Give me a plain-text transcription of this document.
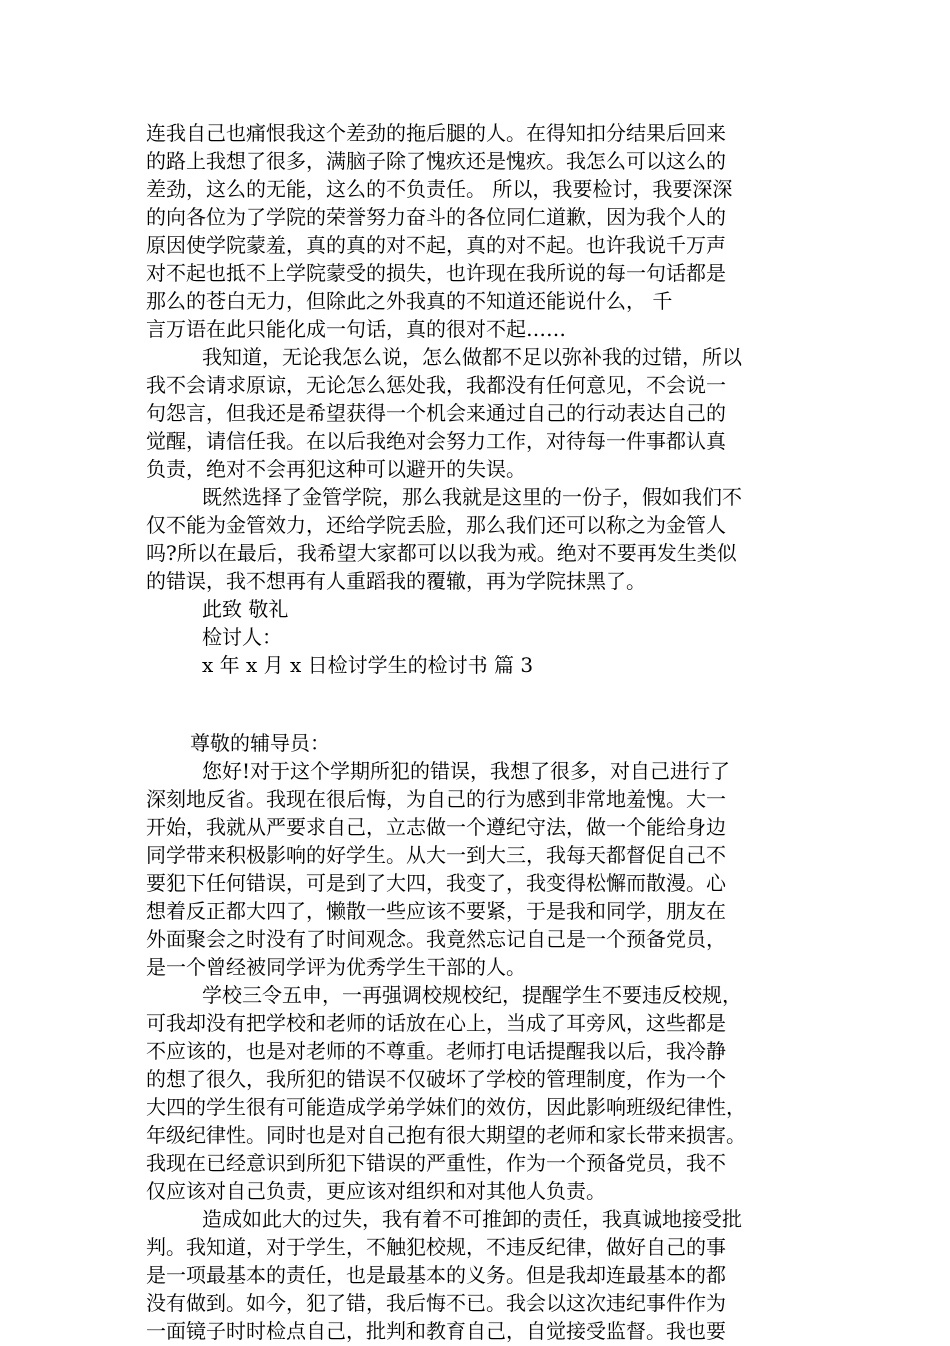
连我自己也痛恨我这个差劲的拖后腿的人。在得知扣分结果后回来
的路上我想了很多，满脑子除了愧疚还是愧疚。我怎么可以这么的
差劲，这么的无能，这么的不负责任。 所以，我要检讨，我要深深
的向各位为了学院的荣誉努力奋斗的各位同仁道歉，因为我个人的
原因使学院蒙羞，真的真的对不起，真的对不起。也许我说千万声
对不起也抵不上学院蒙受的损失，也许现在我所说的每一句话都是
那么的苍白无力，但除此之外我真的不知道还能说什么， 千
言万语在此只能化成一句话，真的很对不起……
我知道，无论我怎么说，怎么做都不足以弥补我的过错，所以
我不会请求原谅，无论怎么惩处我，我都没有任何意见，不会说一
句怨言，但我还是希望获得一个机会来通过自己的行动表达自己的
觉醒，请信任我。在以后我绝对会努力工作，对待每一件事都认真
负责，绝对不会再犯这种可以避开的失误。
既然选择了金管学院，那么我就是这里的一份子，假如我们不
仅不能为金管效力，还给学院丢脸，那么我们还可以称之为金管人
吗?所以在最后，我希望大家都可以以我为戒。绝对不要再发生类似
的错误，我不想再有人重蹈我的覆辙，再为学院抹黑了。
此致 敬礼
检讨人：
x 年 x 月 x 日检讨学生的检讨书 篇 3
尊敬的辅导员：
您好!对于这个学期所犯的错误，我想了很多，对自己进行了
深刻地反省。我现在很后悔，为自己的行为感到非常地羞愧。大一
开始，我就从严要求自己，立志做一个遵纪守法，做一个能给身边
同学带来积极影响的好学生。从大一到大三，我每天都督促自己不
要犯下任何错误，可是到了大四，我变了，我变得松懈而散漫。心
想着反正都大四了，懒散一些应该不要紧，于是我和同学，朋友在
外面聚会之时没有了时间观念。我竟然忘记自己是一个预备党员，
是一个曾经被同学评为优秀学生干部的人。
学校三令五申，一再强调校规校纪，提醒学生不要违反校规，
可我却没有把学校和老师的话放在心上，当成了耳旁风，这些都是
不应该的，也是对老师的不尊重。老师打电话提醒我以后，我冷静
的想了很久，我所犯的错误不仅破坏了学校的管理制度，作为一个
大四的学生很有可能造成学弟学妹们的效仿，因此影响班级纪律性，
年级纪律性。同时也是对自己抱有很大期望的老师和家长带来损害。
我现在已经意识到所犯下错误的严重性，作为一个预备党员，我不
仅应该对自己负责，更应该对组织和对其他人负责。
造成如此大的过失，我有着不可推卸的责任，我真诚地接受批
判。我知道，对于学生，不触犯校规，不违反纪律，做好自己的事
是一项最基本的责任，也是最基本的义务。但是我却连最基本的都
没有做到。如今，犯了错，我后悔不已。我会以这次违纪事件作为
一面镜子时时检点自己，批判和教育自己，自觉接受监督。我也要
